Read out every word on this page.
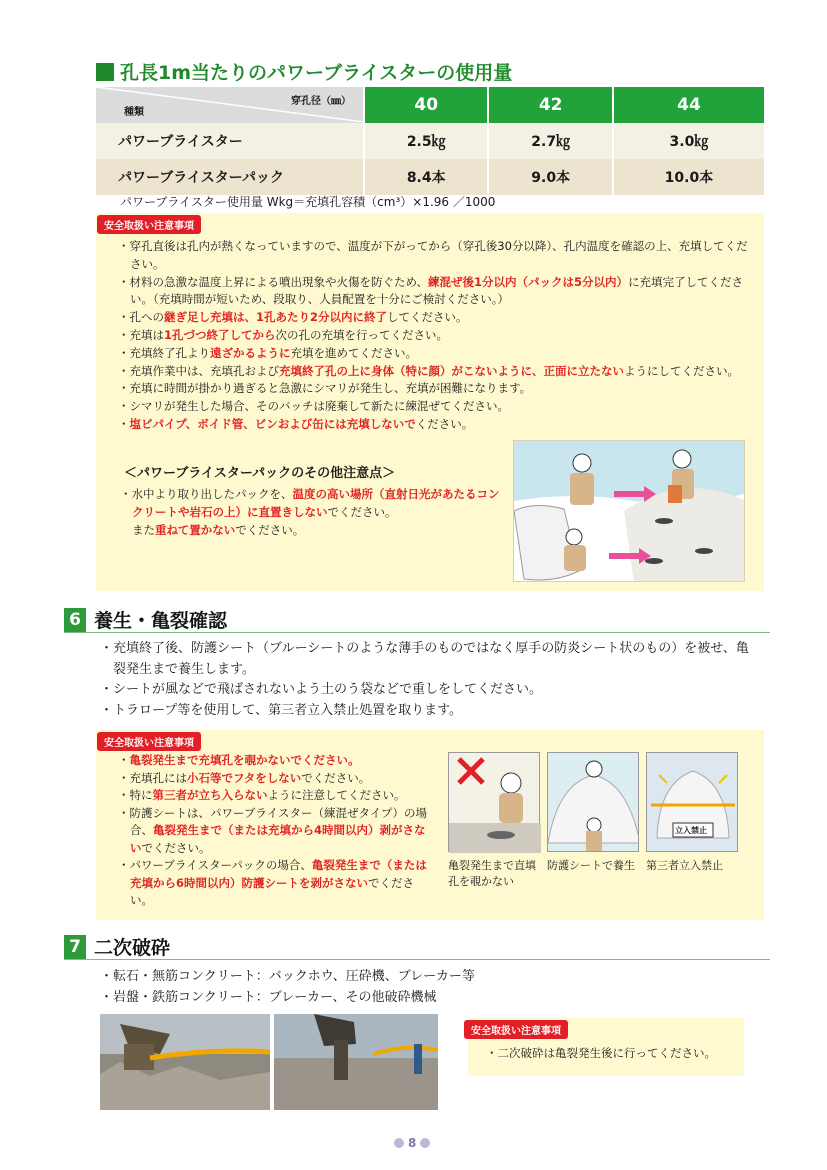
孔長1m当たりのパワーブライスターの使用量
穿孔径（㎜）
種類	40	42	44
パワーブライスター	2.5㎏	2.7㎏	3.0㎏
パワーブライスターパック	8.4本	9.0本	10.0本
パワーブライスター使用量 Wkg＝充填孔容積（cm³）×1.96 ／1000
安全取扱い注意事項
・穿孔直後は孔内が熱くなっていますので、温度が下がってから（穿孔後30分以降）、孔内温度を確認の上、充填してください。
・材料の急激な温度上昇による噴出現象や火傷を防ぐため、練混ぜ後1分以内（パックは5分以内）に充填完了してください。（充填時間が短いため、段取り、人員配置を十分にご検討ください。）
・孔への継ぎ足し充填は、1孔あたり2分以内に終了してください。
・充填は1孔づつ終了してから次の孔の充填を行ってください。
・充填終了孔より遠ざかるように充填を進めてください。
・充填作業中は、充填孔および充填終了孔の上に身体（特に顔）がこないように、正面に立たないようにしてください。
・充填に時間が掛かり過ぎると急激にシマリが発生し、充填が困難になります。
・シマリが発生した場合、そのバッチは廃棄して新たに練混ぜてください。
・塩ビパイプ、ボイド管、ビンおよび缶には充填しないでください。
＜パワーブライスターパックのその他注意点＞
・水中より取り出したパックを、温度の高い場所（直射日光があたるコンクリートや岩石の上）に直置きしないでください。
また重ねて置かないでください。
6 養生・亀裂確認
・充填終了後、防護シート（ブルーシートのような薄手のものではなく厚手の防炎シート状のもの）を被せ、亀裂発生まで養生します。
・シートが風などで飛ばされないよう土のう袋などで重しをしてください。
・トラロープ等を使用して、第三者立入禁止処置を取ります。
安全取扱い注意事項
・亀裂発生まで充填孔を覗かないでください。
・充填孔には小石等でフタをしないでください。
・特に第三者が立ち入らないように注意してください。
・防護シートは、パワーブライスター（練混ぜタイプ）の場合、亀裂発生まで（または充填から4時間以内）剥がさないでください。
・パワーブライスターパックの場合、亀裂発生まで（または充填から6時間以内）防護シートを剥がさないでください。
立入禁止
亀裂発生まで直填孔を覗かない
防護シートで養生 第三者立入禁止
7 二次破砕
・転石・無筋コンクリート：バックホウ、圧砕機、ブレーカー等
・岩盤・鉄筋コンクリート：ブレーカー、その他破砕機械
安全取扱い注意事項
・二次破砕は亀裂発生後に行ってください。
8
